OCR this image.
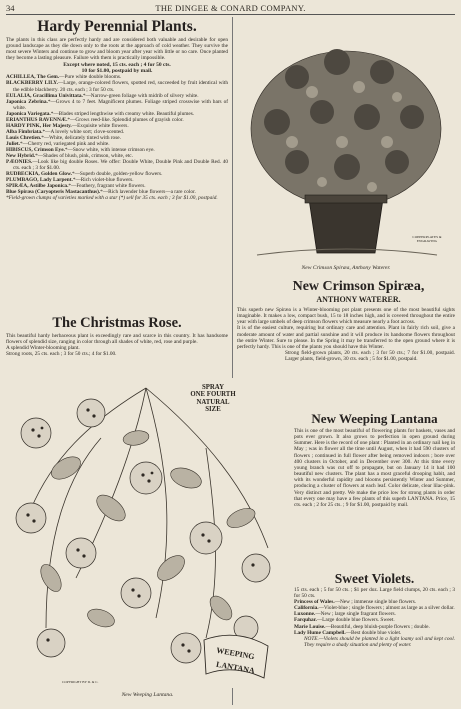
34	THE DINGEE & CONARD COMPANY.
Hardy Perennial Plants.

The plants in this class are perfectly hardy and are considered both valuable and desirable for open ground landscape as they die down only to the roots at the approach of cold weather. They survive the most severe Winters and continue to grow and bloom year after year with little or no care. Once planted they become a lasting pleasure. Failure with them is practically impossible.

Except where noted, 15 cts. each ; 4 for 50 cts.
10 for $1.00, postpaid by mail.
ACHILLEA, The Gem.—Pure white double blooms.
BLACKBERRY LILY.—Large, orange-colored flowers, spotted red, succeeded by fruit identical with the edible blackberry. 20 cts. each ; 3 for 50 cts.
EULALIA, Gracillima Univittata.*—Narrow-green foliage with midrib of silvery white.
Japonica Zebrina.*—Grows 4 to 7 feet. Magnificent plumes. Foliage striped crosswise with bars of white.
Japonica Variegata.*—Blades striped lengthwise with creamy white. Beautiful plumes.
ERIANTHUS RAVENNÆ.*—Grows reed-like. Splendid plumes of grayish color.
HARDY PINK, Her Majesty.—Exquisite white flowers.
Alba Fimbriata.*—A lovely white sort; clove-scented.
Louis Chretien.*—White, delicately tinted with rose.
Juliet.*—Cherry red, variegated pink and white.
HIBISCUS, Crimson Eye.*—Snow white, with intense crimson eye.
New Hybrid.*—Shades of blush, pink, crimson, white, etc.
PÆONIES.—Look like big double Roses. We offer: Double White, Double Pink and Double Red. 40 cts. each ; 3 for $1.00.
RUDBECKIA, Golden Glow.*—Superb double, golden-yellow flowers.
PLUMBAGO, Lady Larpent.*—Rich violet-blue flowers.
SPIRÆA, Astilbe Japonica.*—Feathery, fragrant white flowers.
Blue Spiræa (Caryopteris Mastacanthus).*—Rich lavender blue flowers—a rare color.

*Field-grown clumps of varieties marked with a star (*) sell for 35 cts. each ; 3 for $1.00, postpaid.

The Christmas Rose.

This beautiful hardy herbaceous plant is exceedingly rare and scarce in this country. It has handsome flowers of splendid size, ranging in color through all shades of white, red, rose and purple.

A splendid Winter-blooming plant.

Strong roots, 25 cts. each ; 3 for 50 cts.; 4 for $1.00.

WEEPING
LANTANA
COPYRIGHT BY D. & C.
SPRAY
ONE FOURTH
NATURAL
SIZE
New Weeping Lantana.
COPPERPLATES & ENGRAVING
New Crimson Spiræa, Anthony Waterer.
New Crimson Spiræa,
ANTHONY WATERER.

This superb new Spiræa is a Winter-blooming pot plant presents one of the most beautiful sights imaginable. It makes a low, compact bush, 15 to 18 inches high, and is covered throughout the entire year with large umbels of deep crimson flowers which measure nearly a foot across.

It is of the easiest culture, requiring but ordinary care and attention. Plant in fairly rich soil, give a moderate amount of water and partial sunshine and it will produce its handsome flowers throughout the entire Winter. Sure to please. In the Spring it may be transferred to the open ground where it is perfectly hardy. This is one of the plants you should have this Winter.

Strong field-grown plants, 20 cts. each ; 3 for 50 cts.; 7 for $1.00, postpaid. Larger plants, field-grown, 30 cts. each ; 5 for $1.00, postpaid.

New Weeping Lantana

This is one of the most beautiful of flowering plants for baskets, vases and pots ever grown. It also grows to perfection in open ground during Summer. Here is the record of one plant : Planted in an ordinary nail keg in May ; was in flower all the time until August, when it had 590 clusters of flowers ; continued in full flower after being removed indoors ; bore over 400 clusters in October, and in December over 300. At this time every young branch was cut off to propagate, but on January 14 it had 100 beautiful new clusters. The plant has a most graceful drooping habit, and with its wonderful rapidity and blooms persistently Winter and Summer, producing a cluster of flowers at each leaf. Color delicate, clear lilac-pink. Very distinct and pretty. We make the price low for strong plants in order that every one may have a few plants of this superb LANTANA. Price, 15 cts. each ; 2 for 25 cts. ; 9 for $1.00, postpaid by mail.

Sweet Violets.

15 cts. each ; 5 for 50 cts. ; $1 per doz. Large field clumps, 20 cts. each ; 3 for 50 cts.

Princess of Wales.—New ; immense single blue flowers.
California.—Violet-blue ; single flowers ; almost as large as a silver dollar.
Luxonne.—New ; large single fragrant flowers.
Farquhar.—Large double blue flowers. Sweet.
Marie Louise.—Beautiful, deep bluish-purple flowers ; double.
Lady Hume Campbell.—Best double blue violet.

NOTE.—Violets should be planted in a light loamy soil and kept cool. They require a shady situation and plenty of water.
